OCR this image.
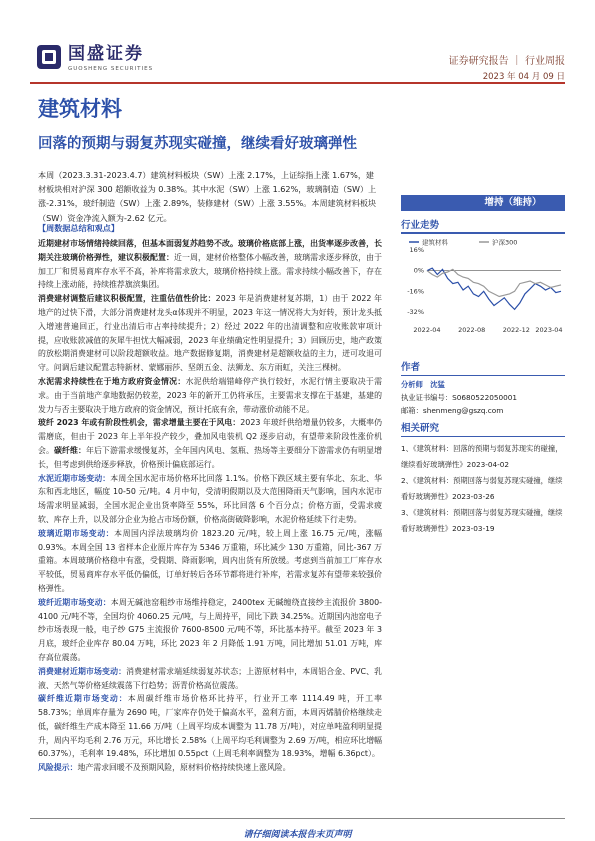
国盛证券
GUOSHENG SECURITIES
证券研究报告 ｜ 行业周报
2023 年 04 月 09 日
建筑材料
回落的预期与弱复苏现实碰撞，继续看好玻璃弹性
本周（2023.3.31-2023.4.7）建筑材料板块（SW）上涨 2.17%，上证综指上涨 1.67%，建材板块相对沪深 300 超额收益为 0.38%。其中水泥（SW）上涨 1.62%，玻璃制造（SW）上涨-2.31%，玻纤制造（SW）上涨 2.89%，装修建材（SW）上涨 3.55%。本周建筑材料板块（SW）资金净流入额为-2.62 亿元。
【周数据总结和观点】

近期建材市场情绪持续回落，但基本面弱复苏趋势不改。玻璃价格底部上涨，出货率逐步改善，长期关注玻璃价格弹性，建议积极配置：近一周，建材价格整体小幅改善，玻璃需求逐步释放，由于加工厂和贸易商库存水平不高，补库将需求放大，玻璃价格持续上涨。需求持续小幅改善下，存在持续上涨动能，持续推荐旗滨集团。

消费建材调整后建议积极配置，注重估值性价比：2023 年是消费建材复苏期，1）由于 2022 年地产的过快下滑，大部分消费建材龙头α体现并不明显，2023 年这一情况将大为好转，预计龙头抵入增速普遍回正，行业出清后市占率持续提升；2）经过 2022 年的出清调整和应收账款审项计提，应收账款减值的灰犀牛担忧大幅减弱，2023 年业绩确定性明显提升；3）回顾历史，地产政策的放松期消费建材可以阶段超额收益。地产数据修复期，消费建材是超额收益的主力，迸可攻退可守。问调后建议配置志特新材、蒙娜丽莎、坚朗五金、法狮龙、东方雨虹，关注三棵树。

水泥需求持续性在于地方政府资金情况：水泥供给端错峰停产执行较好，水泥行情主要取决于需求。由于当前地产拿地数据仍较差，2023 年的新开工仍将承压，主要需求支撑在于基建，基建的发力与否主要取决于地方政府的资金情况，预计托底有余，带动涨价动能不足。

玻纤 2023 年或有阶段性机会，需求增量主要在于风电：2023 年玻纤供给增量仍较多，大概率仍需磨底，但由于 2023 年上半年投产较少，叠加风电装机 Q2 逐步启动，有望带来阶段性涨价机会。碳纤维：年后下游需求缓慢复苏，全年国内风电、氢瓶、热场等主要细分下游需求仍有明显增长，但考虑到供给逐步释放，价格预计偏底部运行。

水泥近期市场变动：本周全国水泥市场价格环比回落 1.1%。价格下跌区域主要有华北、东北、华东和西北地区，幅度 10-50 元/吨。4 月中旬，受清明假期以及大范围降雨天气影响，国内水泥市场需求明显减弱，全国水泥企业出货率降至 55%，环比回落 6 个百分点；价格方面，受需求疲软、库存上升，以及部分企业为抢占市场份额，价格高街破降影响，水泥价格延续下行走势。

玻璃近期市场变动：本周国内浮法玻璃均价 1823.20 元/吨，较上周上涨 16.75 元/吨，涨幅 0.93%。本周全国 13 省样本企业原片库存为 5346 万重箱，环比减少 130 万重箱，同比-367 万重箱。本周玻璃价格稳中有涨，受假期、降雨影响，周内出货有所放缓。考虑到当前加工厂库存水平较低，贸易商库存水平低仍偏低，订单好转后各环节都将进行补库，若需求复苏有望带来较强价格弹性。

玻纤近期市场变动：本周无碱池窑粗纱市场维持稳定，2400tex 无碱缠绕直接纱主流报价 3800-4100 元/吨不等，全国均价 4060.25 元/吨，与上周持平，同比下跌 34.25%。近期国内池窑电子纱市场表现一般，电子纱 G75 主流报价 7600-8500 元/吨不等，环比基本持平。截至 2023 年 3 月底，玻纤企业库存 80.04 万吨，环比 2023 年 2 月降低 1.91 万吨，同比增加 51.01 万吨，库存高位震荡。

消费建材近期市场变动：消费建材需求端延续弱复苏状态；上游原材料中，本周铝合金、PVC、乳液、天然气等价格延续震荡下行趋势；沥青价格高位震荡。

碳纤维近期市场变动：本周碳纤维市场价格环比持平，行业开工率 1114.49 吨，开工率 58.73%；单周库存量为 2690 吨，厂家库存仍处于偏高水平，盈利方面，本周丙烯腈价格继续走低，碳纤维生产成本降至 11.66 万/吨（上周平均成本调整为 11.78 万/吨），对应单吨盈利明显提升，周内平均毛利 2.76 万元，环比增长 2.58%（上周平均毛利调整为 2.69 万/吨，相应环比增幅 60.37%），毛利率 19.48%，环比增加 0.55pct（上周毛利率调整为 18.93%，增幅 6.36pct）。

风险提示：地产需求回暖不及预期风险，原材料价格持续快速上涨风险。

增持（维持）
行业走势
建筑材料	沪深300
16%
0%
-16%
-32%
2022-04	2022-08	2022-12 2023-04
作者
分析师　沈猛
执业证书编号：S0680522050001
邮箱：shenmeng@gszq.com
相关研究
1、《建筑材料：回落的预期与弱复苏现实的碰撞，继续看好玻璃弹性》2023-04-02
2、《建筑材料：预期回落与弱复苏现实碰撞，继续看好玻璃弹性》2023-03-26
3、《建筑材料：预期回落与弱复苏现实碰撞，继续看好玻璃弹性》2023-03-19
请仔细阅读本报告末页声明
